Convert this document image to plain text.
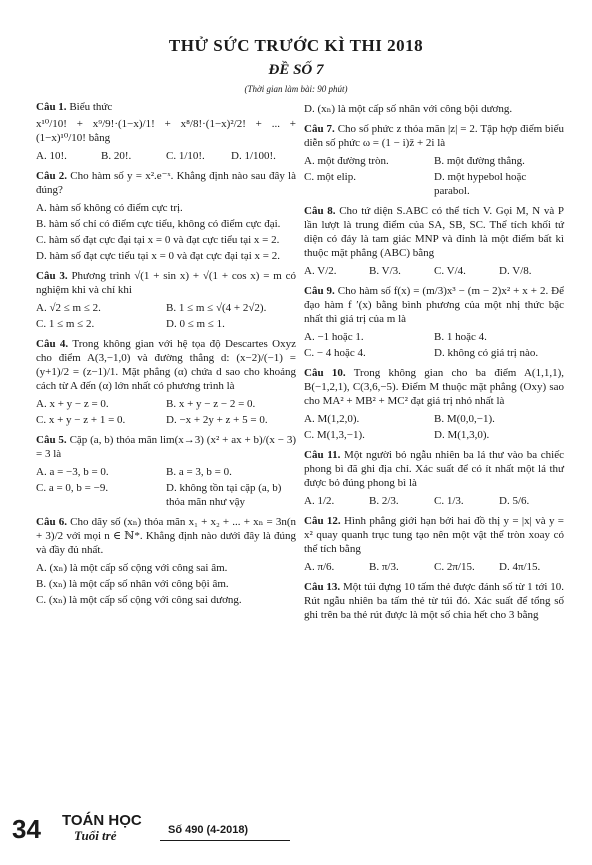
THỬ SỨC TRƯỚC KÌ THI 2018
ĐỀ SỐ 7
(Thời gian làm bài: 90 phút)

Câu 1. Biểu thức

x¹⁰/10! + x⁹/9!·(1−x)/1! + x⁸/8!·(1−x)²/2! + ... + (1−x)¹⁰/10! bằng

A. 10!.	B. 20!.	C. 1/10!.	D. 1/100!.

Câu 2. Cho hàm số y = x².e⁻ˣ. Khẳng định nào sau đây là đúng?

A. hàm số không có điểm cực trị.
B. hàm số chỉ có điểm cực tiểu, không có điểm cực đại.
C. hàm số đạt cực đại tại x = 0 và đạt cực tiểu tại x = 2.
D. hàm số đạt cực tiểu tại x = 0 và đạt cực đại tại x = 2.

Câu 3. Phương trình √(1 + sin x) + √(1 + cos x) = m có nghiệm khi và chỉ khi

A. √2 ≤ m ≤ 2.	B. 1 ≤ m ≤ √(4 + 2√2).
C. 1 ≤ m ≤ 2.	D. 0 ≤ m ≤ 1.

Câu 4. Trong không gian với hệ tọa độ Descartes Oxyz cho điểm A(3,−1,0) và đường thẳng d: (x−2)/(−1) = (y+1)/2 = (z−1)/1. Mặt phẳng (α) chứa d sao cho khoảng cách từ A đến (α) lớn nhất có phương trình là

A. x + y − z = 0.	B. x + y − z − 2 = 0.
C. x + y − z + 1 = 0.	D. −x + 2y + z + 5 = 0.

Câu 5. Cặp (a, b) thỏa mãn lim(x→3) (x² + ax + b)/(x − 3) = 3 là

A. a = −3, b = 0.	B. a = 3, b = 0.
C. a = 0, b = −9.	D. không tồn tại cặp (a, b) thỏa mãn như vậy

Câu 6. Cho dãy số (xₙ) thỏa mãn x₁ + x₂ + ... + xₙ = 3n(n + 3)/2 với mọi n ∈ ℕ*. Khẳng định nào dưới đây là đúng và đầy đủ nhất.

A. (xₙ) là một cấp số cộng với công sai âm.
B. (xₙ) là một cấp số nhân với công bội âm.
C. (xₙ) là một cấp số cộng với công sai dương.
D. (xₙ) là một cấp số nhân với công bội dương.

Câu 7. Cho số phức z thỏa mãn |z| = 2. Tập hợp điểm biểu diễn số phức ω = (1 − i)z̄ + 2i là

A. một đường tròn.	B. một đường thẳng.
C. một elip.	D. một hypebol hoặc parabol.

Câu 8. Cho tứ diện S.ABC có thể tích V. Gọi M, N và P lần lượt là trung điểm của SA, SB, SC. Thể tích khối tứ diện có đáy là tam giác MNP và đỉnh là một điểm bất kì thuộc mặt phẳng (ABC) bằng

A. V/2.	B. V/3.	C. V/4.	D. V/8.

Câu 9. Cho hàm số f(x) = (m/3)x³ − (m − 2)x² + x + 2. Để đạo hàm f ′(x) bằng bình phương của một nhị thức bậc nhất thì giá trị của m là

A. −1 hoặc 1.	B. 1 hoặc 4.
C. − 4 hoặc 4.	D. không có giá trị nào.

Câu 10. Trong không gian cho ba điểm A(1,1,1), B(−1,2,1), C(3,6,−5). Điểm M thuộc mặt phẳng (Oxy) sao cho MA² + MB² + MC² đạt giá trị nhỏ nhất là

A. M(1,2,0).	B. M(0,0,−1).
C. M(1,3,−1).	D. M(1,3,0).

Câu 11. Một người bỏ ngẫu nhiên ba lá thư vào ba chiếc phong bì đã ghi địa chỉ. Xác suất để có ít nhất một lá thư được bỏ đúng phong bì là

A. 1/2.	B. 2/3.	C. 1/3.	D. 5/6.

Câu 12. Hình phẳng giới hạn bởi hai đồ thị y = |x| và y = x² quay quanh trục tung tạo nên một vật thể tròn xoay có thể tích bằng

A. π/6.	B. π/3.	C. 2π/15.	D. 4π/15.

Câu 13. Một túi đựng 10 tấm thẻ được đánh số từ 1 tới 10. Rút ngẫu nhiên ba tấm thẻ từ túi đó. Xác suất để tổng số ghi trên ba thẻ rút được là một số chia hết cho 3 bằng

34 TOÁN HỌC
Tuổi trẻ	Số 490 (4-2018)
